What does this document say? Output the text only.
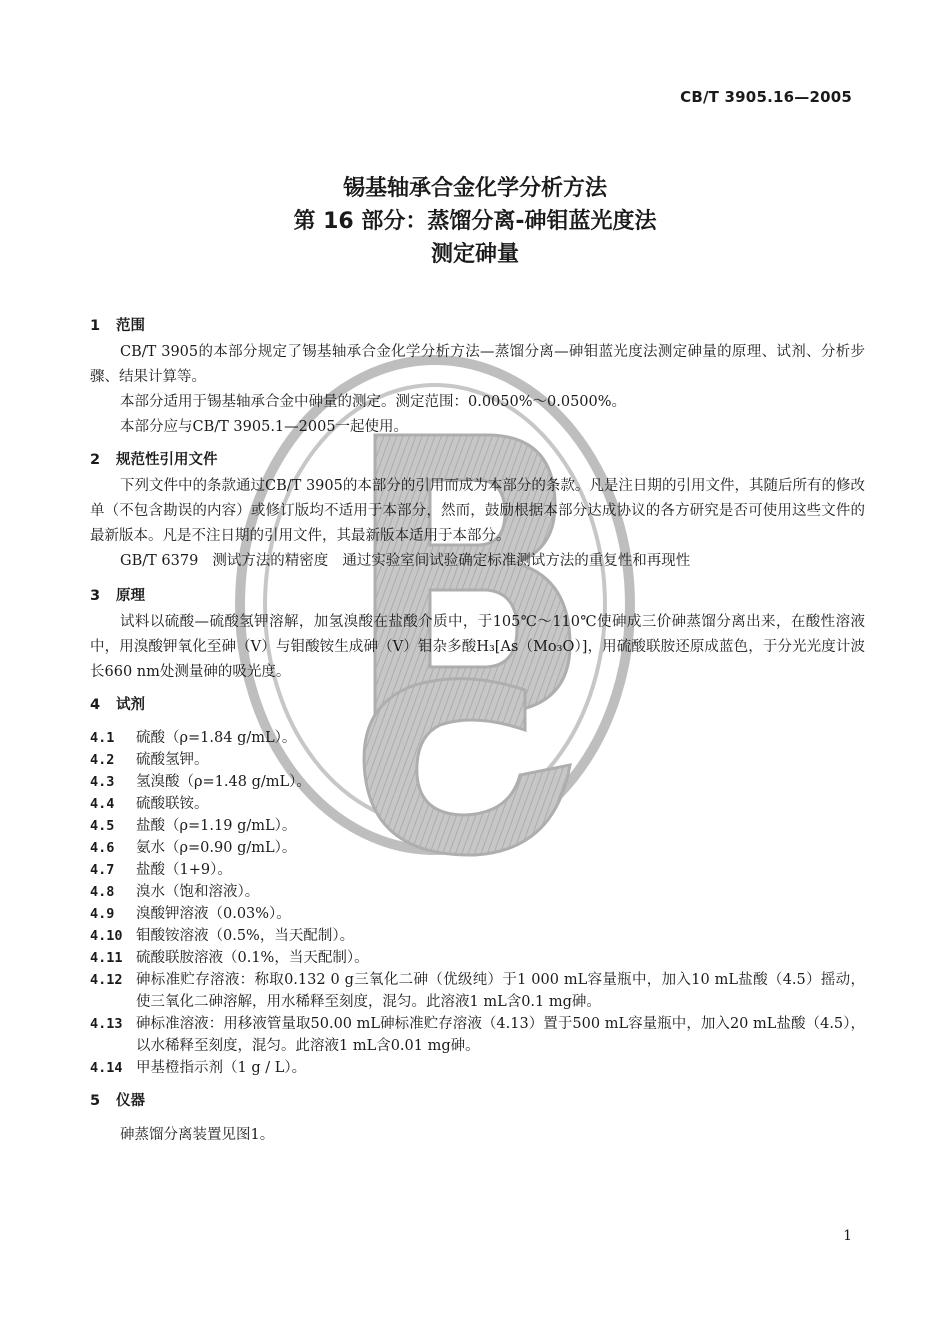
CB/T 3905.16—2005
锡基轴承合金化学分析方法
第 16 部分：蒸馏分离-砷钼蓝光度法
测定砷量
1 范围

CB/T 3905的本部分规定了锡基轴承合金化学分析方法—蒸馏分离—砷钼蓝光度法测定砷量的原理、试剂、分析步骤、结果计算等。

本部分适用于锡基轴承合金中砷量的测定。测定范围：0.0050%～0.0500%。

本部分应与CB/T 3905.1—2005一起使用。

2 规范性引用文件

下列文件中的条款通过CB/T 3905的本部分的引用而成为本部分的条款。凡是注日期的引用文件，其随后所有的修改单（不包含勘误的内容）或修订版均不适用于本部分，然而，鼓励根据本部分达成协议的各方研究是否可使用这些文件的最新版本。凡是不注日期的引用文件，其最新版本适用于本部分。

GB/T 6379 测试方法的精密度 通过实验室间试验确定标准测试方法的重复性和再现性

3 原理

试料以硫酸—硫酸氢钾溶解，加氢溴酸在盐酸介质中，于105℃～110℃使砷成三价砷蒸馏分离出来，在酸性溶液中，用溴酸钾氧化至砷（V）与钼酸铵生成砷（V）钼杂多酸H₃[As（Mo₃O）]，用硫酸联胺还原成蓝色，于分光光度计波长660 nm处测量砷的吸光度。

4 试剂
4.1	硫酸（ρ=1.84 g/mL）。
4.2	硫酸氢钾。
4.3	氢溴酸（ρ=1.48 g/mL）。
4.4	硫酸联铵。
4.5	盐酸（ρ=1.19 g/mL）。
4.6	氨水（ρ=0.90 g/mL）。
4.7	盐酸（1+9）。
4.8	溴水（饱和溶液）。
4.9	溴酸钾溶液（0.03%）。
4.10 钼酸铵溶液（0.5%，当天配制）。
4.11 硫酸联胺溶液（0.1%，当天配制）。
4.12 砷标准贮存溶液：称取0.132 0 g三氧化二砷（优级纯）于1 000 mL容量瓶中，加入10 mL盐酸（4.5）摇动，使三氧化二砷溶解，用水稀释至刻度，混匀。此溶液1 mL含0.1 mg砷。
4.13 砷标准溶液：用移液管量取50.00 mL砷标准贮存溶液（4.13）置于500 mL容量瓶中，加入20 mL盐酸（4.5），以水稀释至刻度，混匀。此溶液1 mL含0.01 mg砷。
4.14 甲基橙指示剂（1 g / L）。
5 仪器

砷蒸馏分离装置见图1。

1
